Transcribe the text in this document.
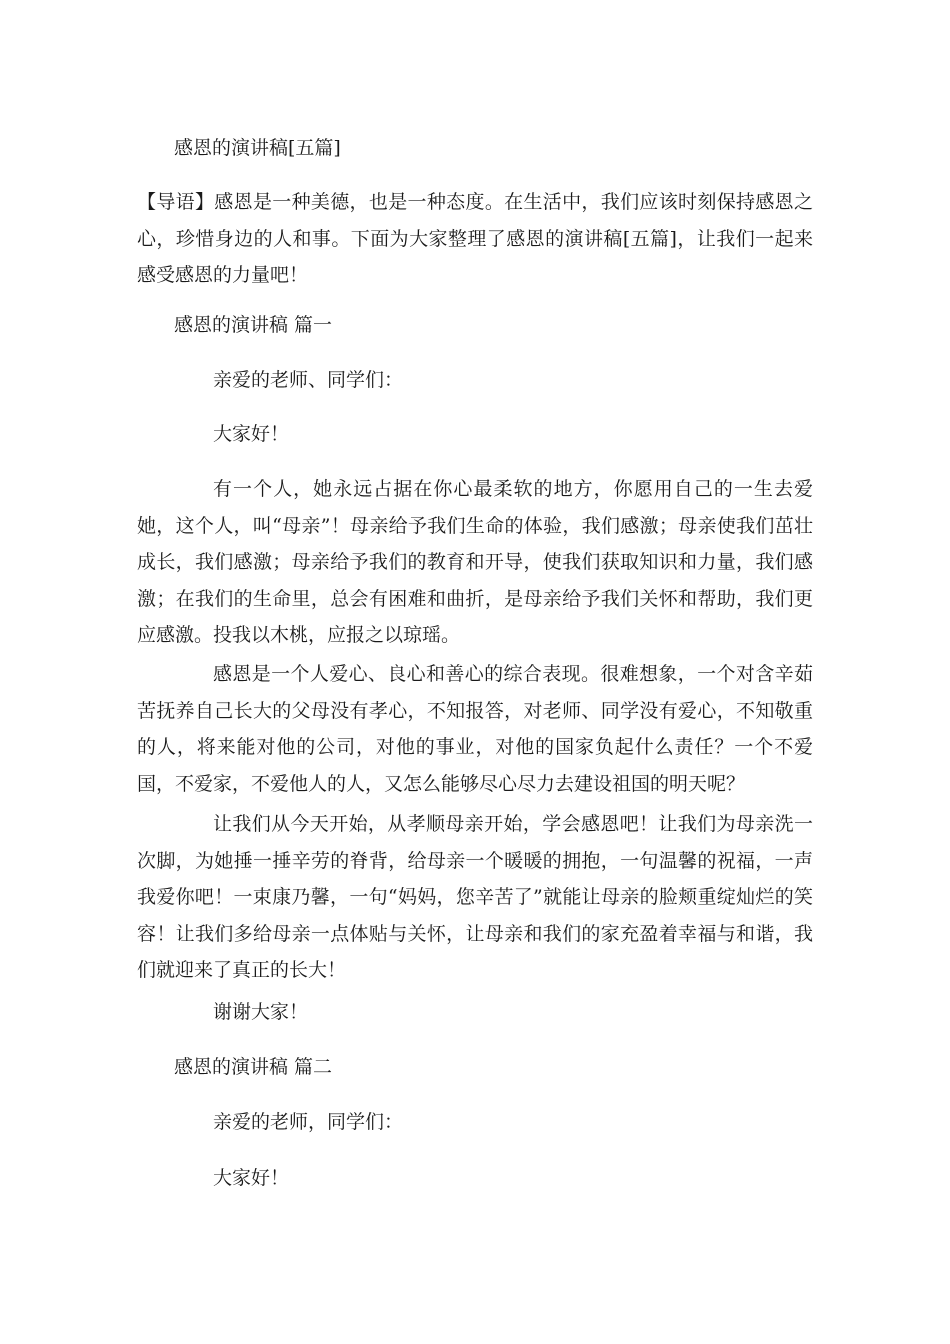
感恩的演讲稿[五篇]

【导语】感恩是一种美德，也是一种态度。在生活中，我们应该时刻保持感恩之心，珍惜身边的人和事。下面为大家整理了感恩的演讲稿[五篇]，让我们一起来感受感恩的力量吧！

感恩的演讲稿 篇一

亲爱的老师、同学们：

大家好！

有一个人，她永远占据在你心最柔软的地方，你愿用自己的一生去爱她，这个人，叫“母亲”！母亲给予我们生命的体验，我们感激；母亲使我们茁壮成长，我们感激；母亲给予我们的教育和开导，使我们获取知识和力量，我们感激；在我们的生命里，总会有困难和曲折，是母亲给予我们关怀和帮助，我们更应感激。投我以木桃，应报之以琼瑶。

感恩是一个人爱心、良心和善心的综合表现。很难想象，一个对含辛茹苦抚养自己长大的父母没有孝心，不知报答，对老师、同学没有爱心，不知敬重的人，将来能对他的公司，对他的事业，对他的国家负起什么责任？一个不爱国，不爱家，不爱他人的人，又怎么能够尽心尽力去建设祖国的明天呢？

让我们从今天开始，从孝顺母亲开始，学会感恩吧！让我们为母亲洗一次脚，为她捶一捶辛劳的脊背，给母亲一个暖暖的拥抱，一句温馨的祝福，一声我爱你吧！一束康乃馨，一句“妈妈，您辛苦了”就能让母亲的脸颊重绽灿烂的笑容！让我们多给母亲一点体贴与关怀，让母亲和我们的家充盈着幸福与和谐，我们就迎来了真正的长大！

谢谢大家！

感恩的演讲稿 篇二

亲爱的老师，同学们：

大家好！
